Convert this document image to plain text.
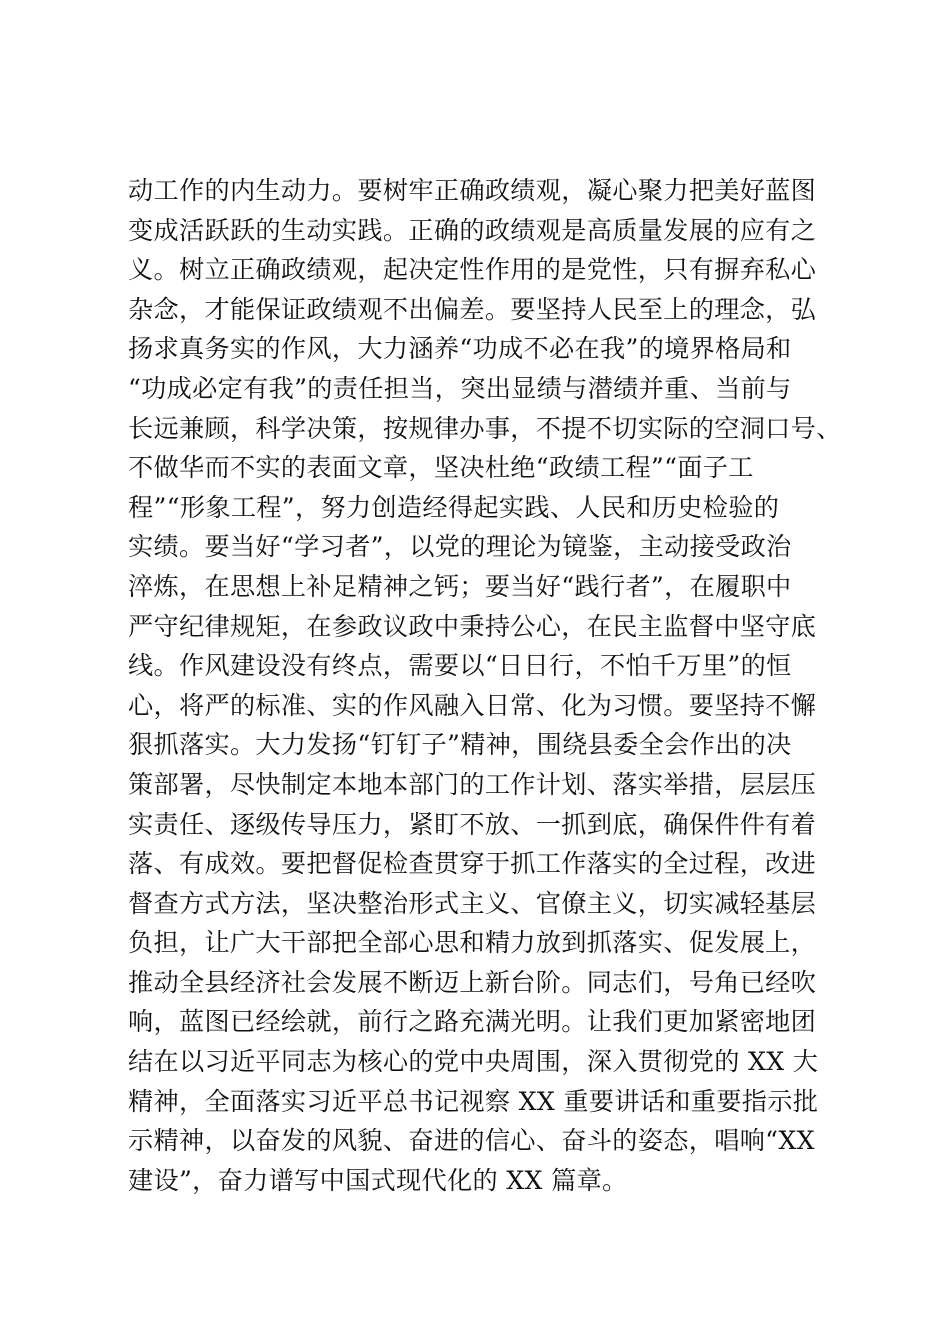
动工作的内生动力。要树牢正确政绩观，凝心聚力把美好蓝图
变成活跃跃的生动实践。正确的政绩观是高质量发展的应有之
义。树立正确政绩观，起决定性作用的是党性，只有摒弃私心
杂念，才能保证政绩观不出偏差。要坚持人民至上的理念，弘
扬求真务实的作风，大力涵养“功成不必在我”的境界格局和
“功成必定有我”的责任担当，突出显绩与潜绩并重、当前与
长远兼顾，科学决策，按规律办事，不提不切实际的空洞口号、
不做华而不实的表面文章，坚决杜绝“政绩工程”“面子工
程”“形象工程”，努力创造经得起实践、人民和历史检验的
实绩。要当好“学习者”，以党的理论为镜鉴，主动接受政治
淬炼，在思想上补足精神之钙；要当好“践行者”，在履职中
严守纪律规矩，在参政议政中秉持公心，在民主监督中坚守底
线。作风建设没有终点，需要以“日日行，不怕千万里”的恒
心，将严的标准、实的作风融入日常、化为习惯。要坚持不懈
狠抓落实。大力发扬“钉钉子”精神，围绕县委全会作出的决
策部署，尽快制定本地本部门的工作计划、落实举措，层层压
实责任、逐级传导压力，紧盯不放、一抓到底，确保件件有着
落、有成效。要把督促检查贯穿于抓工作落实的全过程，改进
督查方式方法，坚决整治形式主义、官僚主义，切实减轻基层
负担，让广大干部把全部心思和精力放到抓落实、促发展上，
推动全县经济社会发展不断迈上新台阶。同志们，号角已经吹
响，蓝图已经绘就，前行之路充满光明。让我们更加紧密地团
结在以习近平同志为核心的党中央周围，深入贯彻党的 XX 大
精神，全面落实习近平总书记视察 XX 重要讲话和重要指示批
示精神，以奋发的风貌、奋进的信心、奋斗的姿态，唱响“XX
建设”，奋力谱写中国式现代化的 XX 篇章。
